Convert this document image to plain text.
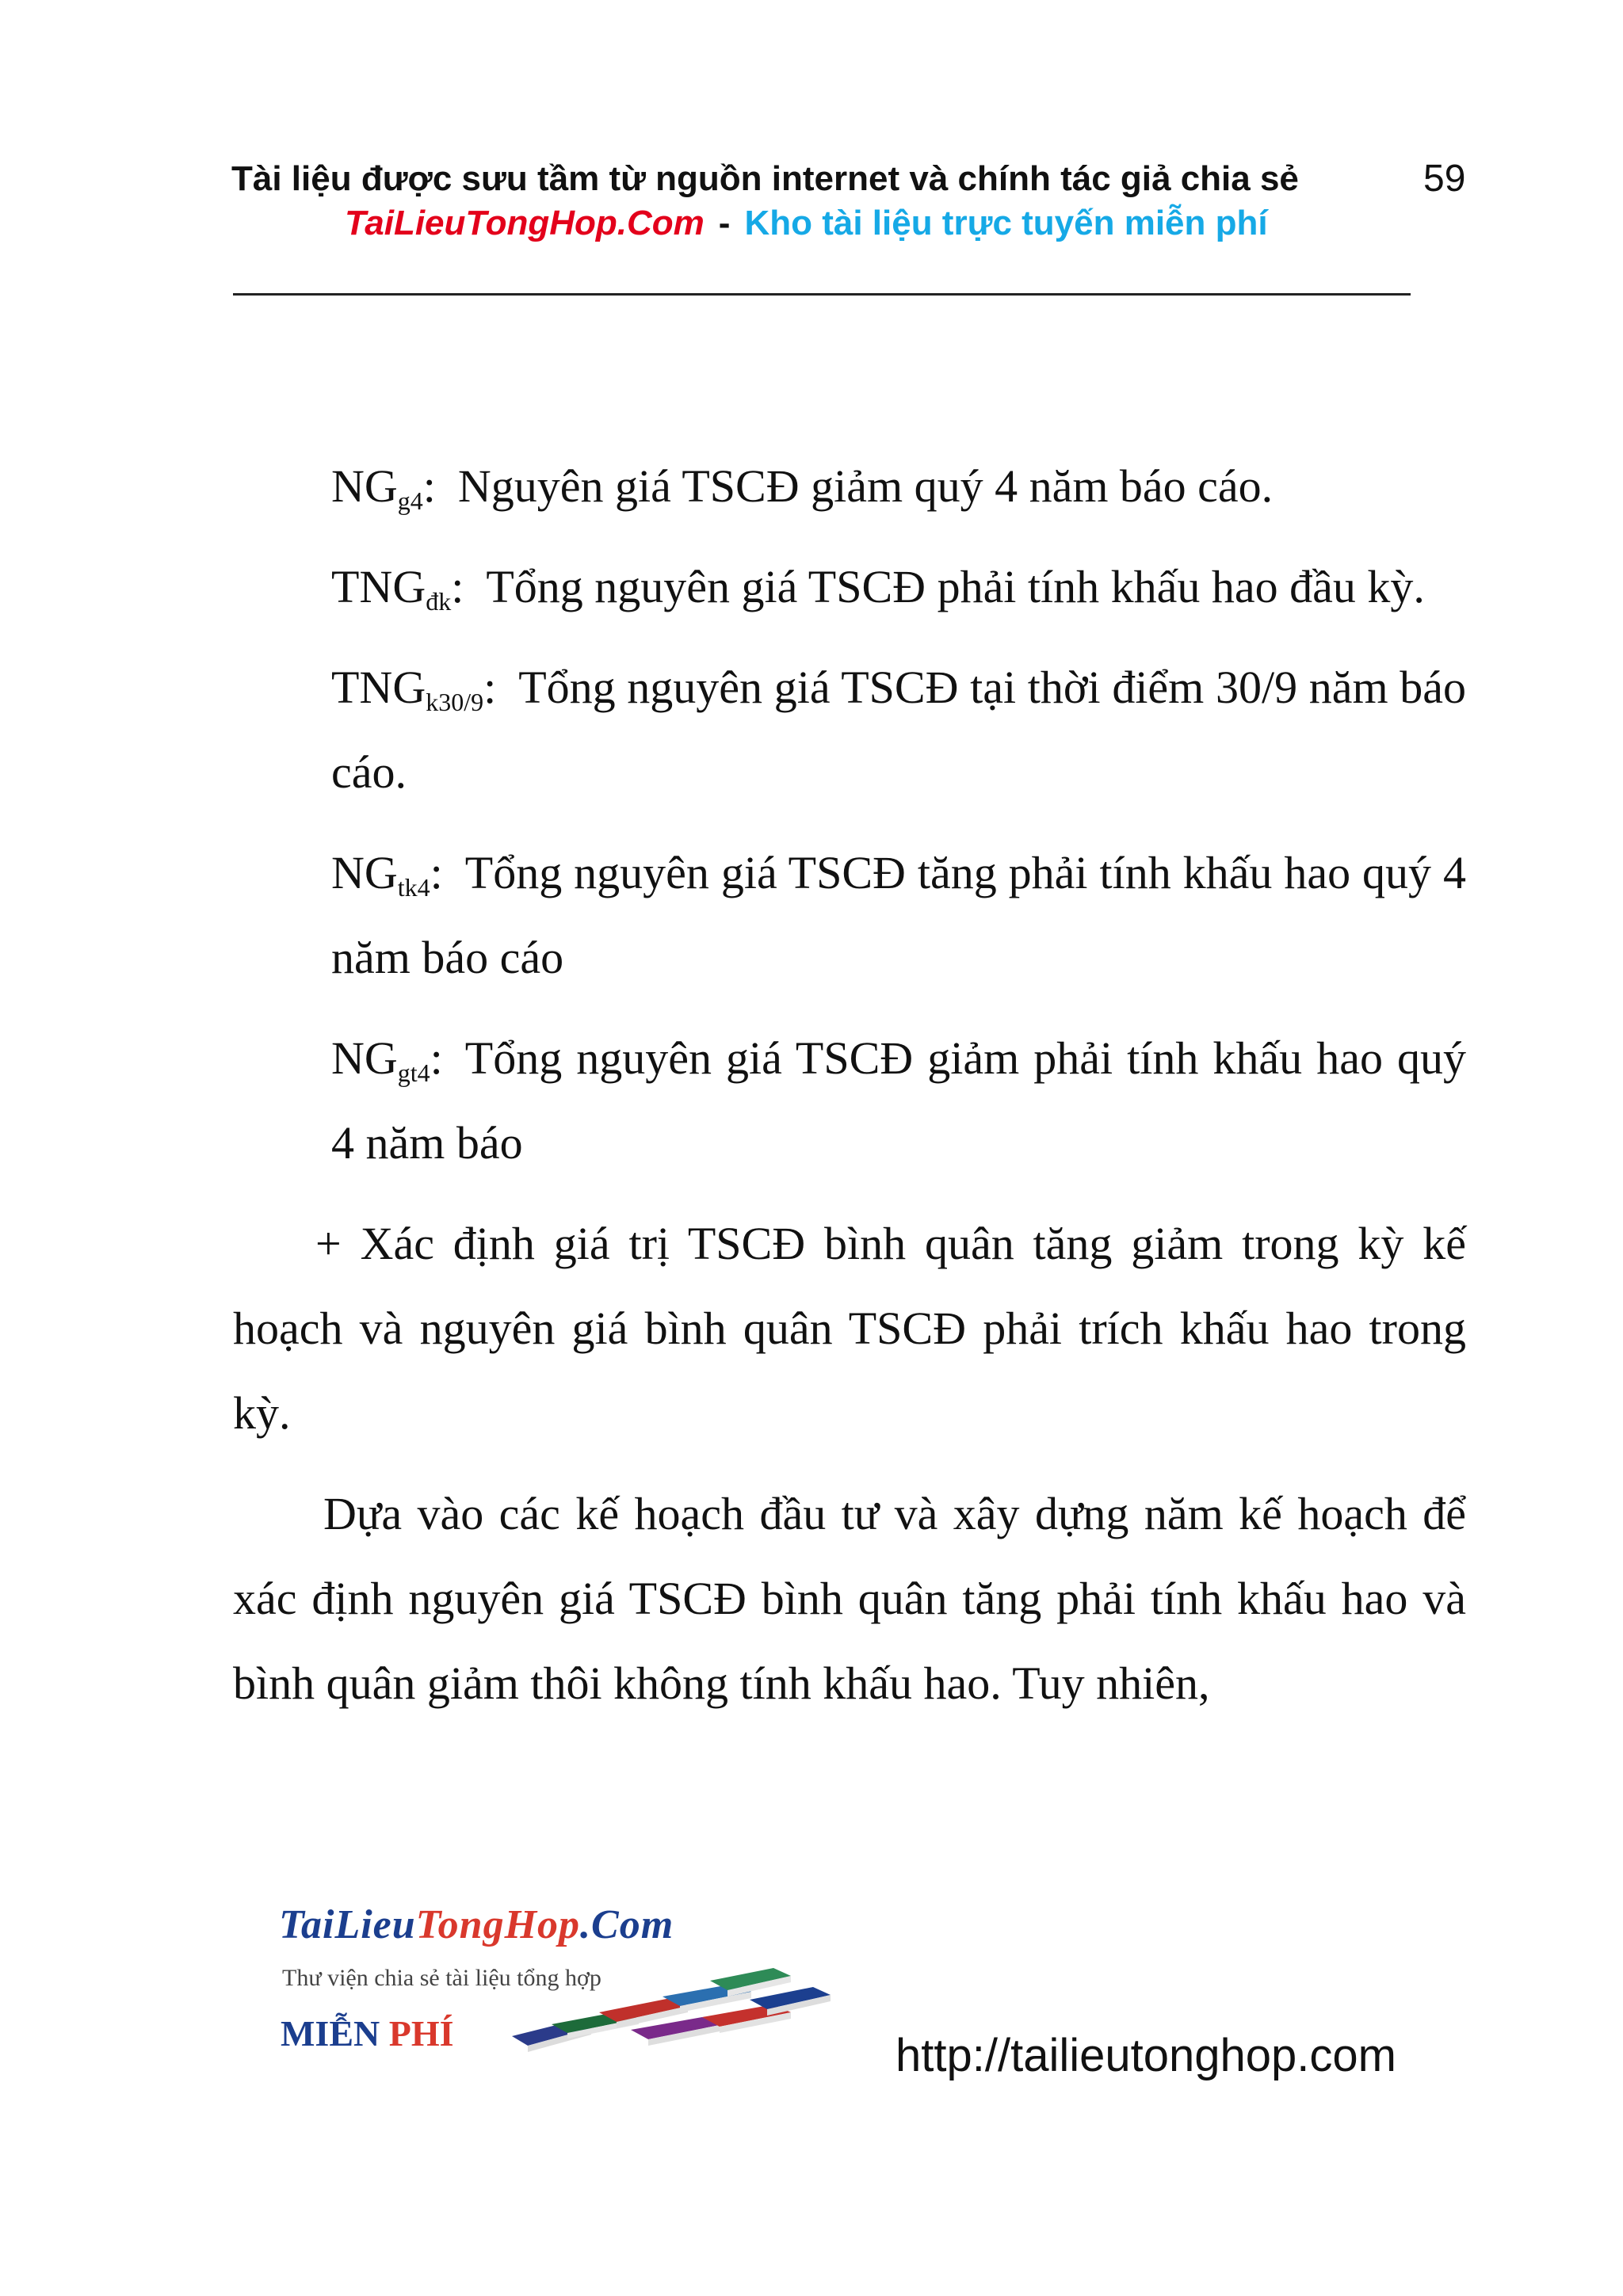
Tài liệu được sưu tầm từ nguồn internet và chính tác giả chia sẻ	59
TaiLieuTongHop.Com - Kho tài liệu trực tuyến miễn phí

$NG_{g4}$: Nguyên giá TSCĐ giảm quý 4 năm báo cáo.

$TNG_{đk}$: Tổng nguyên giá TSCĐ phải tính khấu hao đầu kỳ.

$TNG_{k30/9}$: Tổng nguyên giá TSCĐ tại thời điểm 30/9 năm báo cáo.

$NG_{tk4}$: Tổng nguyên giá TSCĐ tăng phải tính khấu hao quý 4 năm báo cáo

$NG_{gt4}$: Tổng nguyên giá TSCĐ giảm phải tính khấu hao quý 4 năm báo

+ Xác định giá trị TSCĐ bình quân tăng giảm trong kỳ kế hoạch và nguyên giá bình quân TSCĐ phải trích khấu hao trong kỳ.

Dựa vào các kế hoạch đầu tư và xây dựng năm kế hoạch để xác định nguyên giá TSCĐ bình quân tăng phải tính khấu hao và bình quân giảm thôi không tính khấu hao. Tuy nhiên,

TaiLieuTongHop.Com
Thư viện chia sẻ tài liệu tổng hợp
MIỄN PHÍ	http://tailieutonghop.com
